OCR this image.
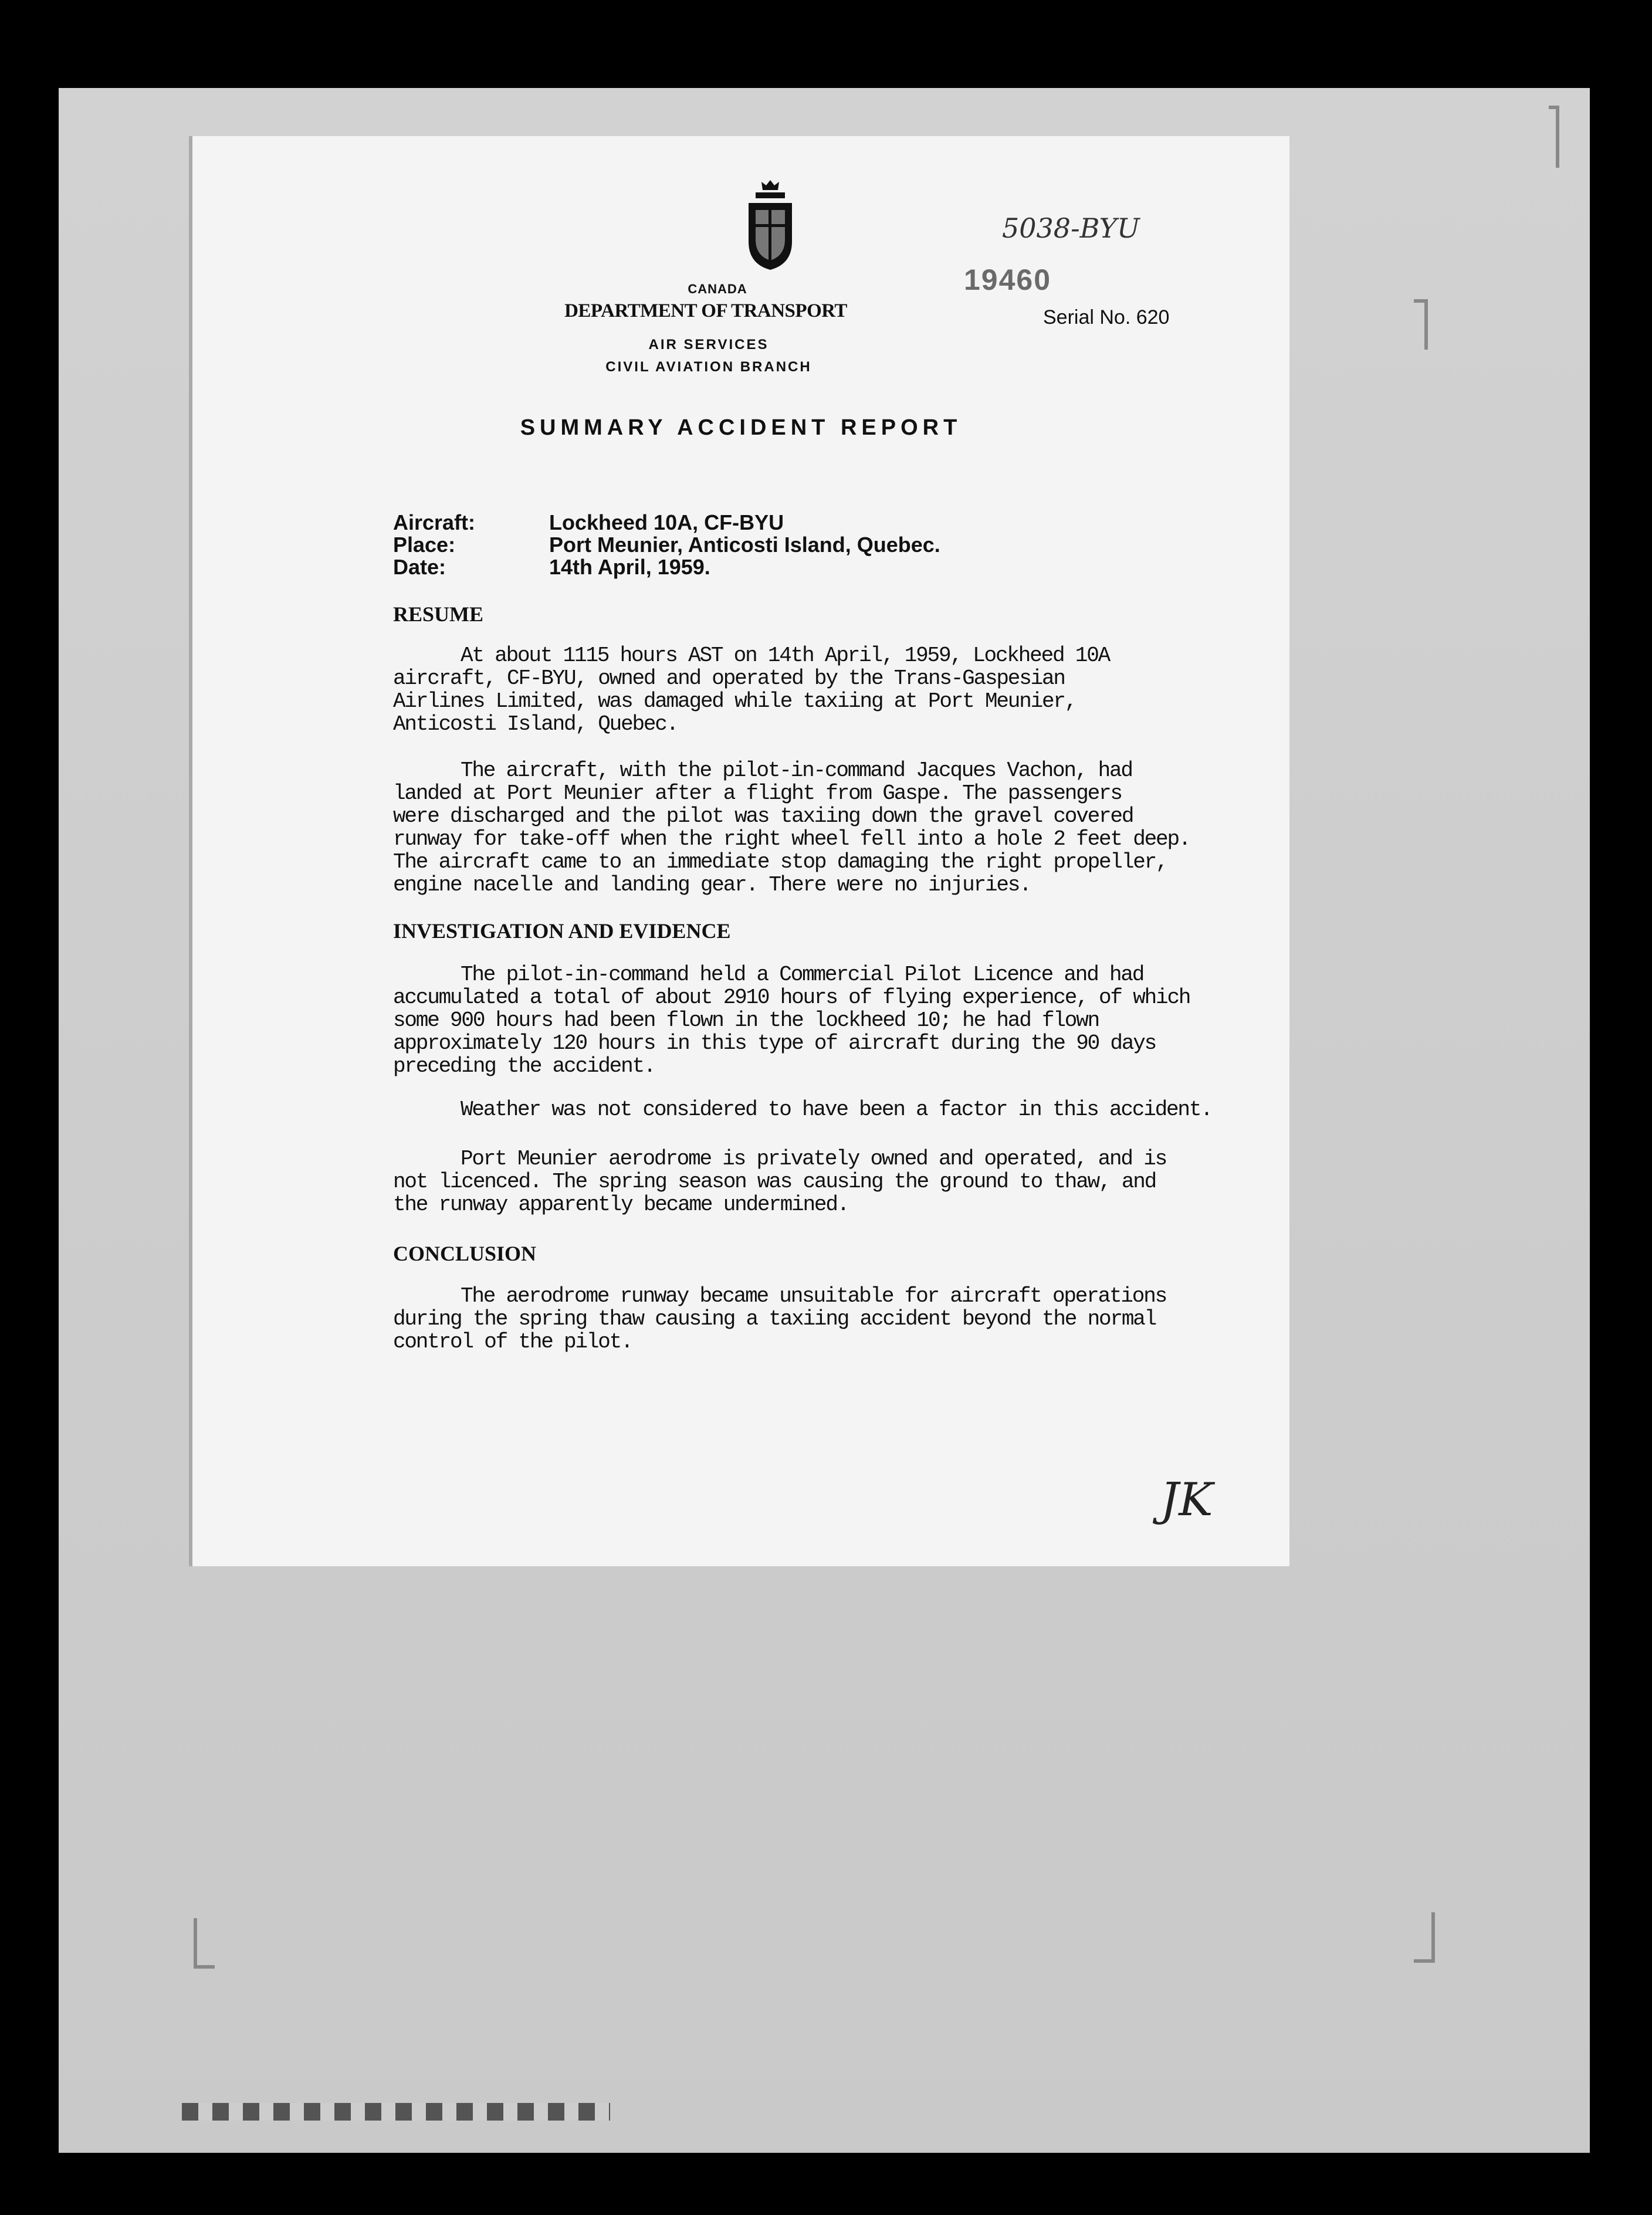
CANADA
DEPARTMENT OF TRANSPORT
AIR SERVICES
CIVIL AVIATION BRANCH
5038-BYU
19460
Serial No. 620
SUMMARY ACCIDENT REPORT
Aircraft:	Lockheed 10A, CF-BYU
Place:	Port Meunier, Anticosti Island, Quebec.
Date:	14th April, 1959.
RESUME
At about 1115 hours AST on 14th April, 1959, Lockheed 10A
aircraft, CF-BYU, owned and operated by the Trans-Gaspesian
Airlines Limited, was damaged while taxiing at Port Meunier,
Anticosti Island, Quebec.
The aircraft, with the pilot-in-command Jacques Vachon, had
landed at Port Meunier after a flight from Gaspe. The passengers
were discharged and the pilot was taxiing down the gravel covered
runway for take-off when the right wheel fell into a hole 2 feet deep.
The aircraft came to an immediate stop damaging the right propeller,
engine nacelle and landing gear. There were no injuries.
INVESTIGATION AND EVIDENCE
The pilot-in-command held a Commercial Pilot Licence and had
accumulated a total of about 2910 hours of flying experience, of which
some 900 hours had been flown in the lockheed 10; he had flown
approximately 120 hours in this type of aircraft during the 90 days
preceding the accident.
Weather was not considered to have been a factor in this accident.
Port Meunier aerodrome is privately owned and operated, and is
not licenced. The spring season was causing the ground to thaw, and
the runway apparently became undermined.
CONCLUSION
The aerodrome runway became unsuitable for aircraft operations
during the spring thaw causing a taxiing accident beyond the normal
control of the pilot.
JK
